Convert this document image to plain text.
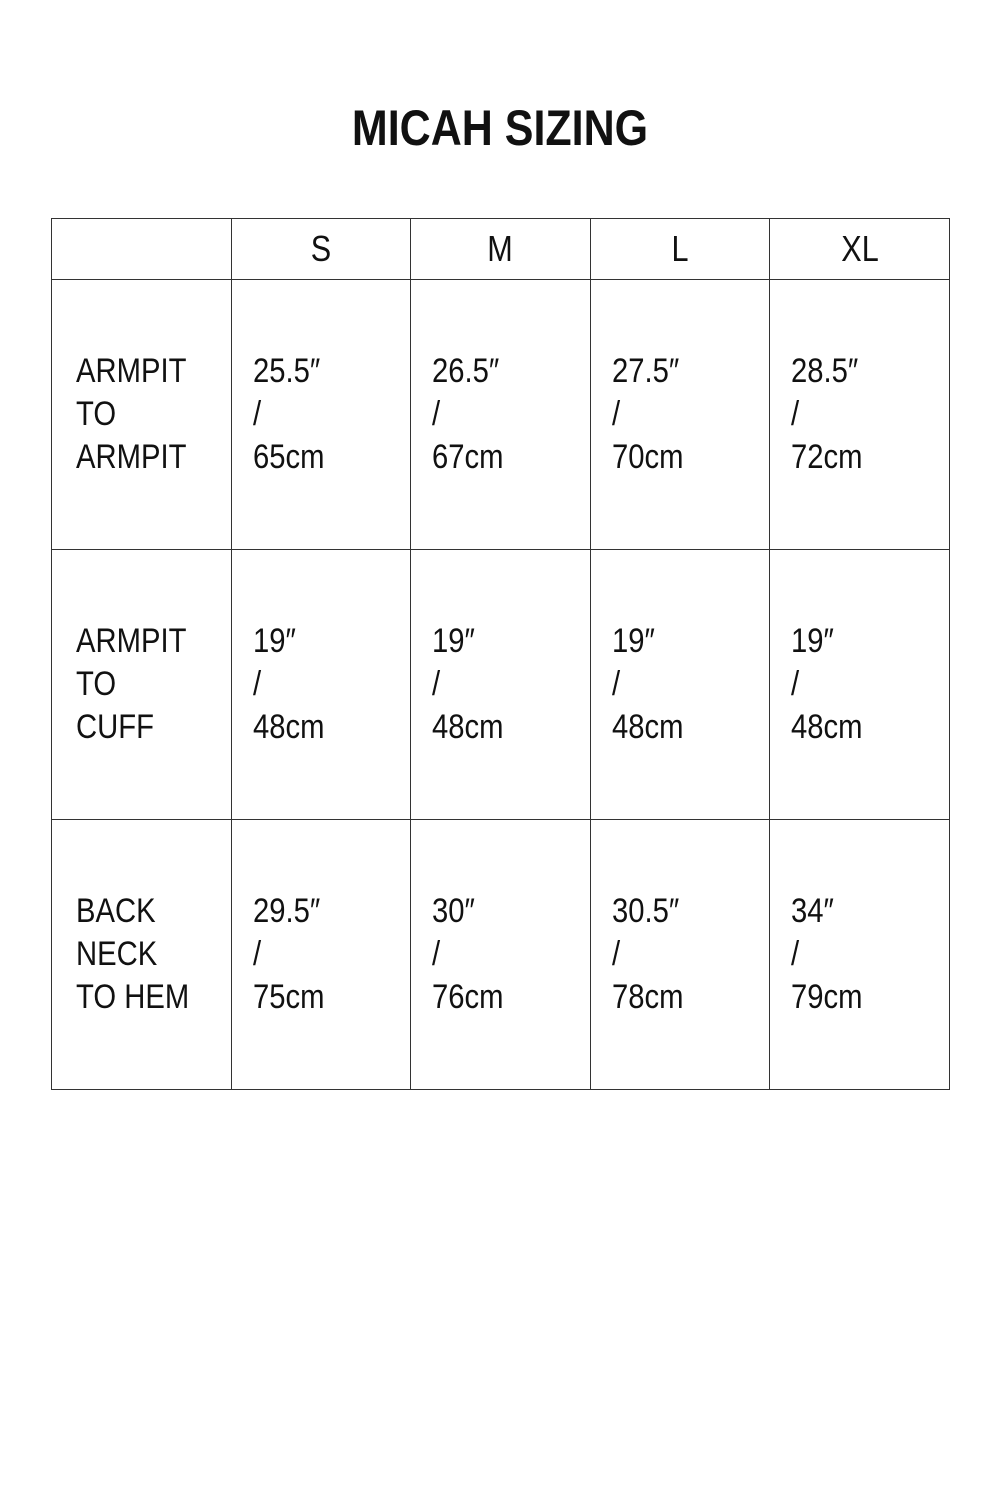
MICAH SIZING
	S	M	L	XL

ARMPIT
TO
ARMPIT	25.5″
/
65cm	26.5″
/
67cm	27.5″
/
70cm	28.5″
/
72cm

ARMPIT
TO
CUFF	19″
/
48cm	19″
/
48cm	19″
/
48cm	19″
/
48cm

BACK
NECK
TO HEM	29.5″
/
75cm	30″
/
76cm	30.5″
/
78cm	34″
/
79cm
